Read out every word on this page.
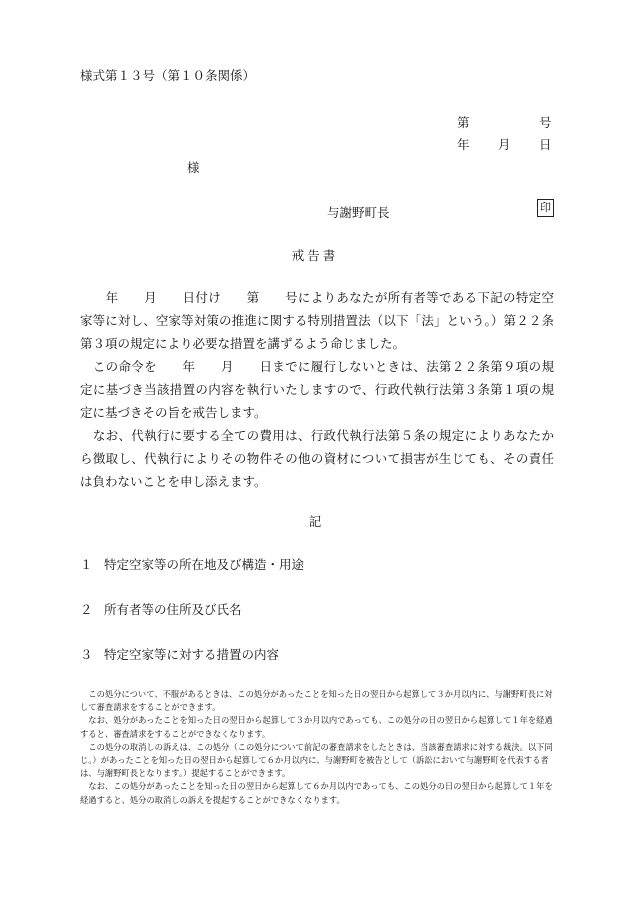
様式第１３号（第１０条関係）
第	号
年 月 日
様
与謝野町長	印
戒告書

　　年　　月　　日付け　　第　　号によりあなたが所有者等である下記の特定空家等に対し、空家等対策の推進に関する特別措置法（以下「法」という。）第２２条第３項の規定により必要な措置を講ずるよう命じました。

　この命令を　　年　　月　　日までに履行しないときは、法第２２条第９項の規定に基づき当該措置の内容を執行いたしますので、行政代執行法第３条第１項の規定に基づきその旨を戒告します。

　なお、代執行に要する全ての費用は、行政代執行法第５条の規定によりあなたから徴取し、代執行によりその物件その他の資材について損害が生じても、その責任は負わないことを申し添えます。

記
１ 特定空家等の所在地及び構造・用途
２ 所有者等の住所及び氏名
３ 特定空家等に対する措置の内容

　この処分について、不服があるときは、この処分があったことを知った日の翌日から起算して３か月以内に、与謝野町長に対して審査請求をすることができます。

　なお、処分があったことを知った日の翌日から起算して３か月以内であっても、この処分の日の翌日から起算して１年を経過すると、審査請求をすることができなくなります。

　この処分の取消しの訴えは、この処分（この処分について前記の審査請求をしたときは、当該審査請求に対する裁決。以下同じ。）があったことを知った日の翌日から起算して６か月以内に、与謝野町を被告として（訴訟において与謝野町を代表する者は、与謝野町長となります。）提起することができます。

　なお、この処分があったことを知った日の翌日から起算して６か月以内であっても、この処分の日の翌日から起算して１年を経過すると、処分の取消しの訴えを提起することができなくなります。
